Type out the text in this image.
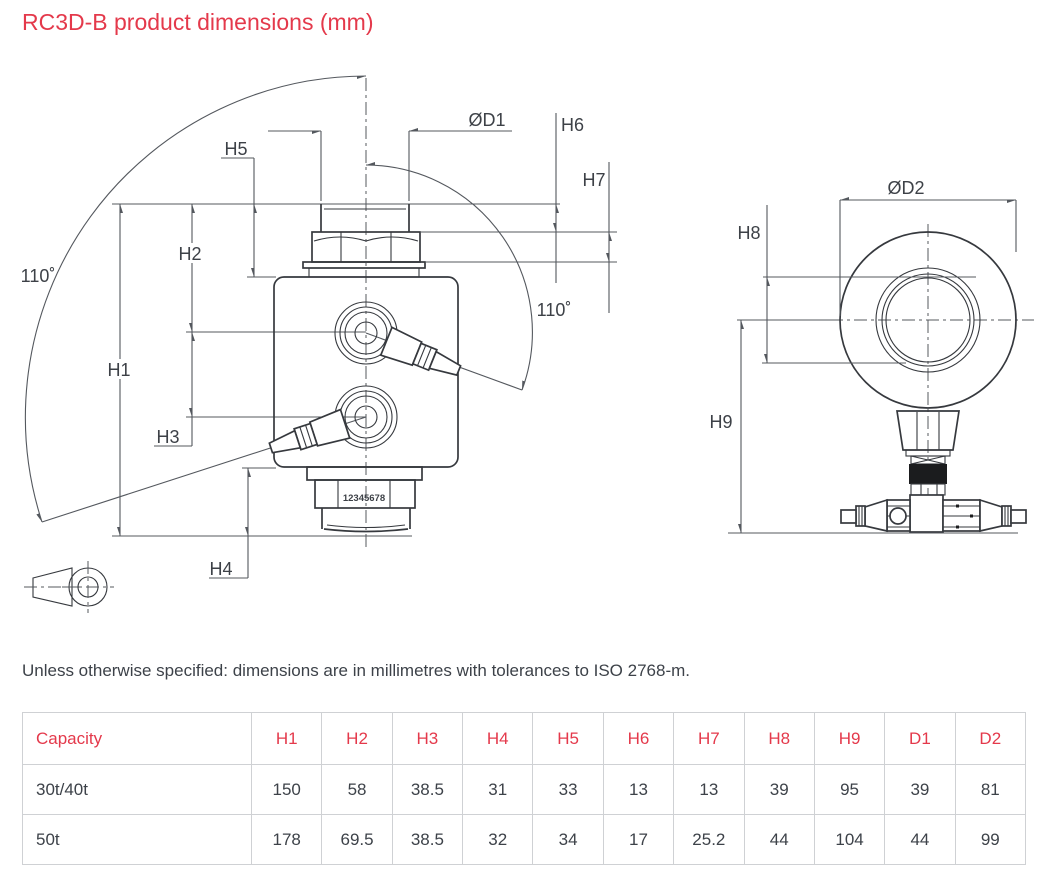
RC3D-B product dimensions (mm)
12345678
H1
H2
H3
H4
H5
ØD1	H6
H7
110˚
110˚
ØD2
H8
H9
Unless otherwise specified: dimensions are in millimetres with tolerances to ISO 2768-m.
Capacity	H1	H2	H3	H4	H5	H6	H7	H8	H9	D1	D2
30t/40t	150	58	38.5	31	33	13	13	39	95	39	81
50t	178	69.5	38.5	32	34	17	25.2	44	104	44	99
